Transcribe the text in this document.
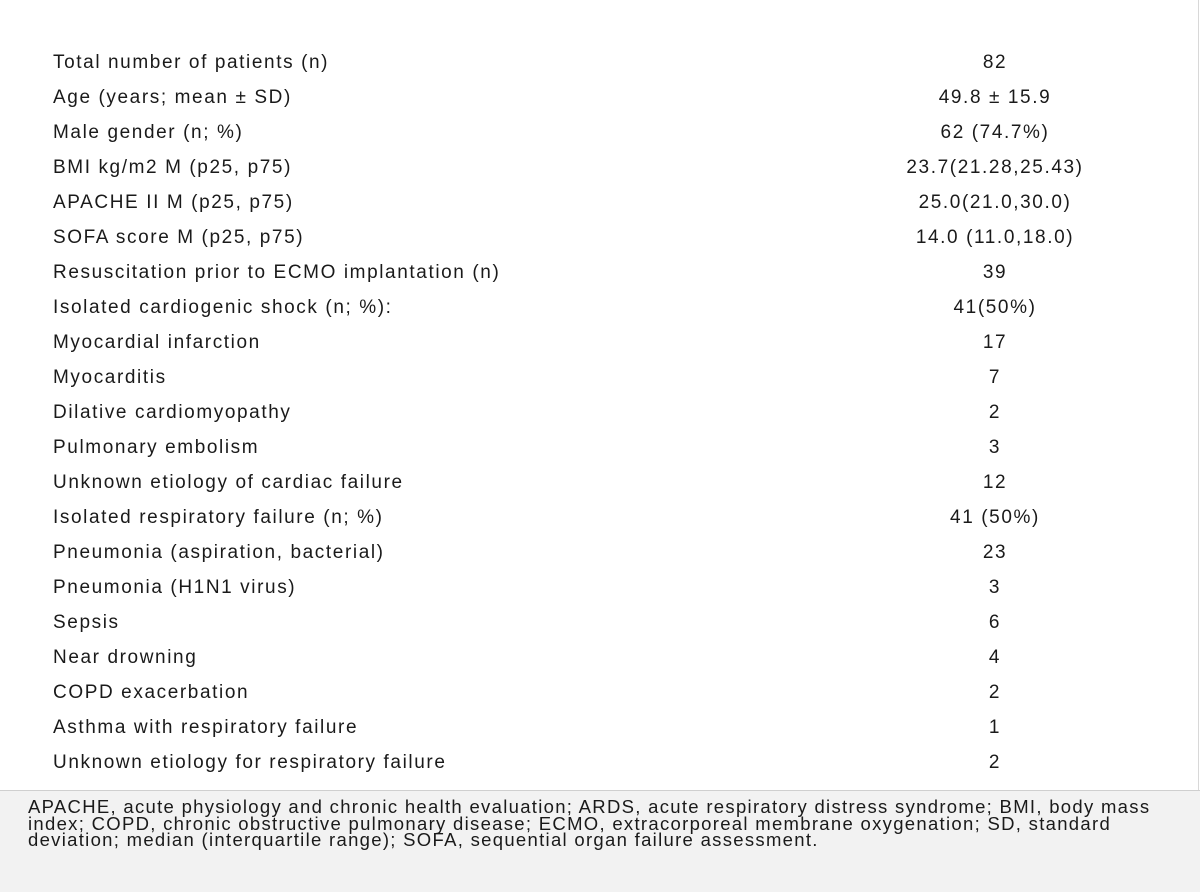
Total number of patients (n)	82
Age (years; mean ± SD)	49.8 ± 15.9
Male gender (n; %)	62 (74.7%)
BMI kg/m2 M (p25, p75)	23.7(21.28,25.43)
APACHE II M (p25, p75)	25.0(21.0,30.0)
SOFA score M (p25, p75)	14.0 (11.0,18.0)
Resuscitation prior to ECMO implantation (n)	39
Isolated cardiogenic shock (n; %):	41(50%)
Myocardial infarction	17
Myocarditis	7
Dilative cardiomyopathy	2
Pulmonary embolism	3
Unknown etiology of cardiac failure	12
Isolated respiratory failure (n; %)	41 (50%)
Pneumonia (aspiration, bacterial)	23
Pneumonia (H1N1 virus)	3
Sepsis	6
Near drowning	4
COPD exacerbation	2
Asthma with respiratory failure	1
Unknown etiology for respiratory failure	2
APACHE, acute physiology and chronic health evaluation; ARDS, acute respiratory distress syndrome; BMI, body mass index; COPD, chronic obstructive pulmonary disease; ECMO, extracorporeal membrane oxygenation; SD, standard deviation; median (interquartile range); SOFA, sequential organ failure assessment.
